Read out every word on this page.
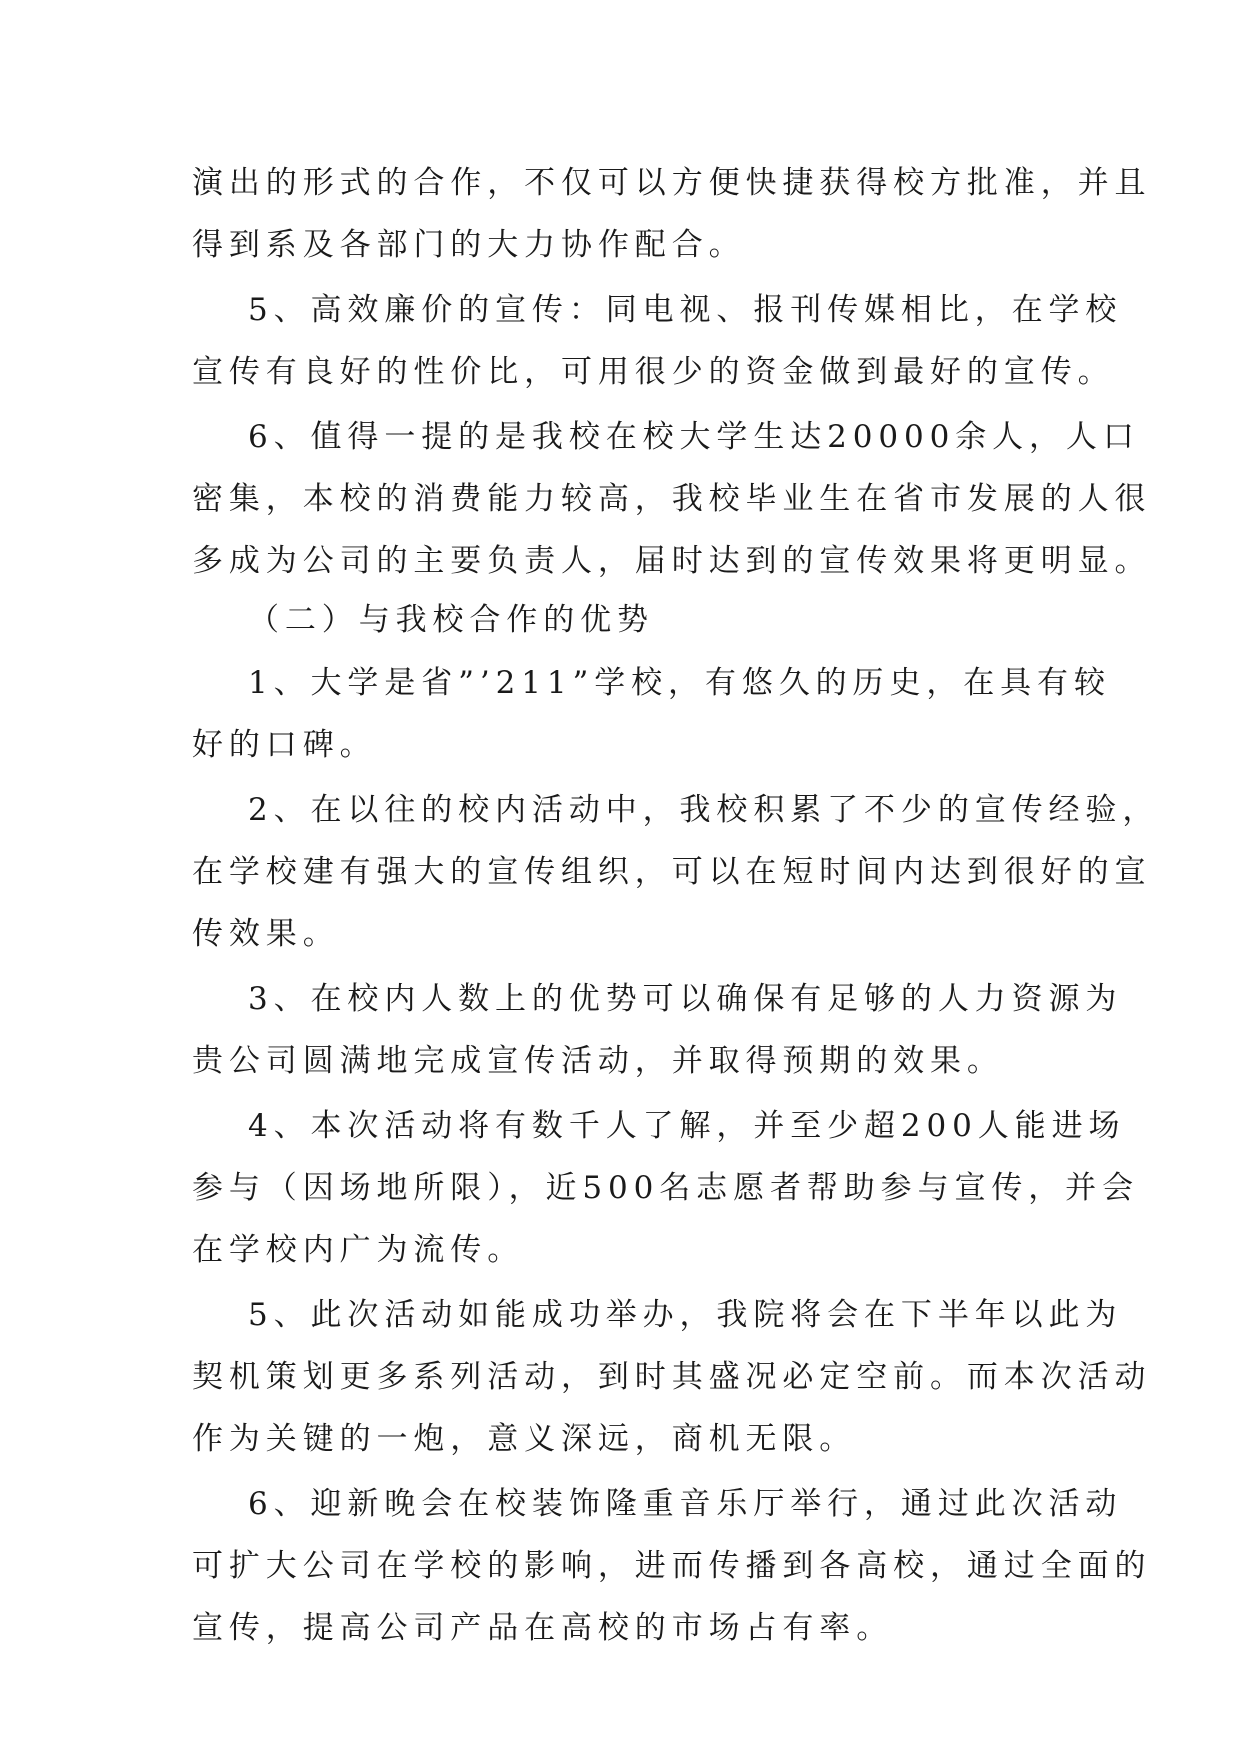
演出的形式的合作，不仅可以方便快捷获得校方批准，并且
得到系及各部门的大力协作配合。
5、高效廉价的宣传：同电视、报刊传媒相比，在学校
宣传有良好的性价比，可用很少的资金做到最好的宣传。
6、值得一提的是我校在校大学生达20000余人，人口
密集，本校的消费能力较高，我校毕业生在省市发展的人很
多成为公司的主要负责人，届时达到的宣传效果将更明显。
（二）与我校合作的优势
1、大学是省”’211”学校，有悠久的历史，在具有较
好的口碑。
2、在以往的校内活动中，我校积累了不少的宣传经验，
在学校建有强大的宣传组织，可以在短时间内达到很好的宣
传效果。
3、在校内人数上的优势可以确保有足够的人力资源为
贵公司圆满地完成宣传活动，并取得预期的效果。
4、本次活动将有数千人了解，并至少超200人能进场
参与（因场地所限），近500名志愿者帮助参与宣传，并会
在学校内广为流传。
5、此次活动如能成功举办，我院将会在下半年以此为
契机策划更多系列活动，到时其盛况必定空前。而本次活动
作为关键的一炮，意义深远，商机无限。
6、迎新晚会在校装饰隆重音乐厅举行，通过此次活动
可扩大公司在学校的影响，进而传播到各高校，通过全面的
宣传，提高公司产品在高校的市场占有率。
